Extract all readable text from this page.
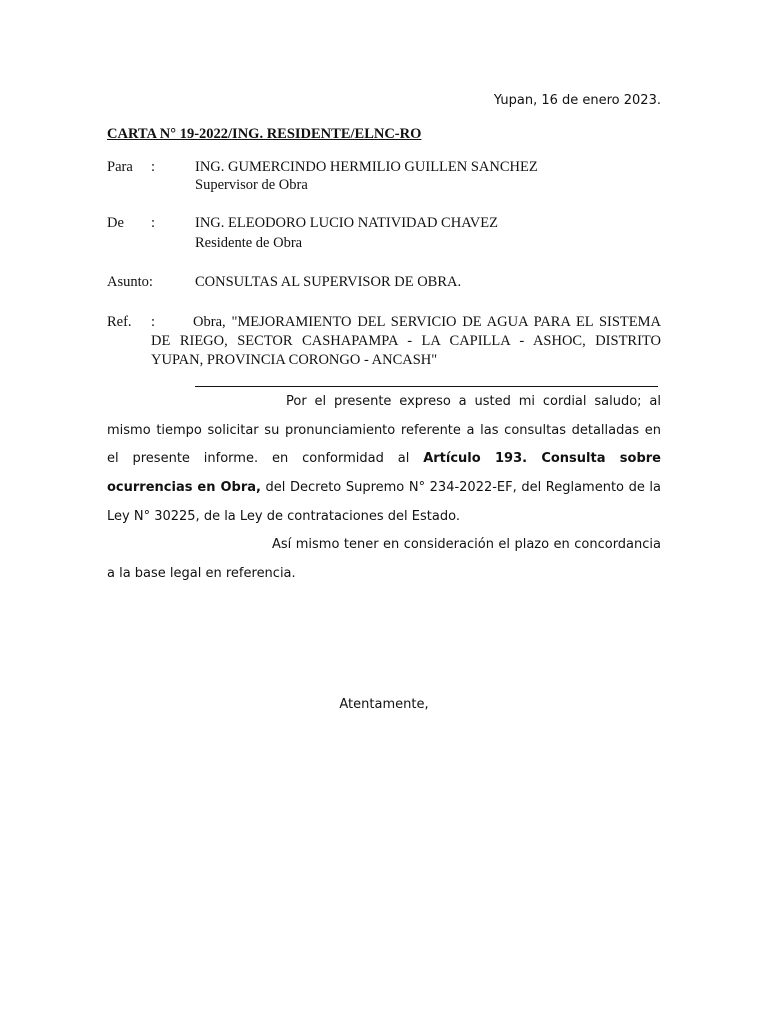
Yupan, 16 de enero 2023.
CARTA N° 19-2022/ING. RESIDENTE/ELNC-RO
Para :	ING. GUMERCINDO HERMILIO GUILLEN SANCHEZ
Supervisor de Obra
De :	ING. ELEODORO LUCIO NATIVIDAD CHAVEZ
Residente de Obra
Asunto:	CONSULTAS AL SUPERVISOR DE OBRA.
Ref. :	Obra, "MEJORAMIENTO DEL SERVICIO DE AGUA PARA EL SISTEMA DE RIEGO, SECTOR CASHAPAMPA - LA CAPILLA - ASHOC, DISTRITO YUPAN, PROVINCIA CORONGO - ANCASH"
Por el presente expreso a usted mi cordial saludo; al mismo tiempo solicitar su pronunciamiento referente a las consultas detalladas en el presente informe. en conformidad al Artículo 193. Consulta sobre ocurrencias en Obra, del Decreto Supremo N° 234-2022-EF, del Reglamento de la Ley N° 30225, de la Ley de contrataciones del Estado.
Así mismo tener en consideración el plazo en concordancia a la base legal en referencia.
Atentamente,
